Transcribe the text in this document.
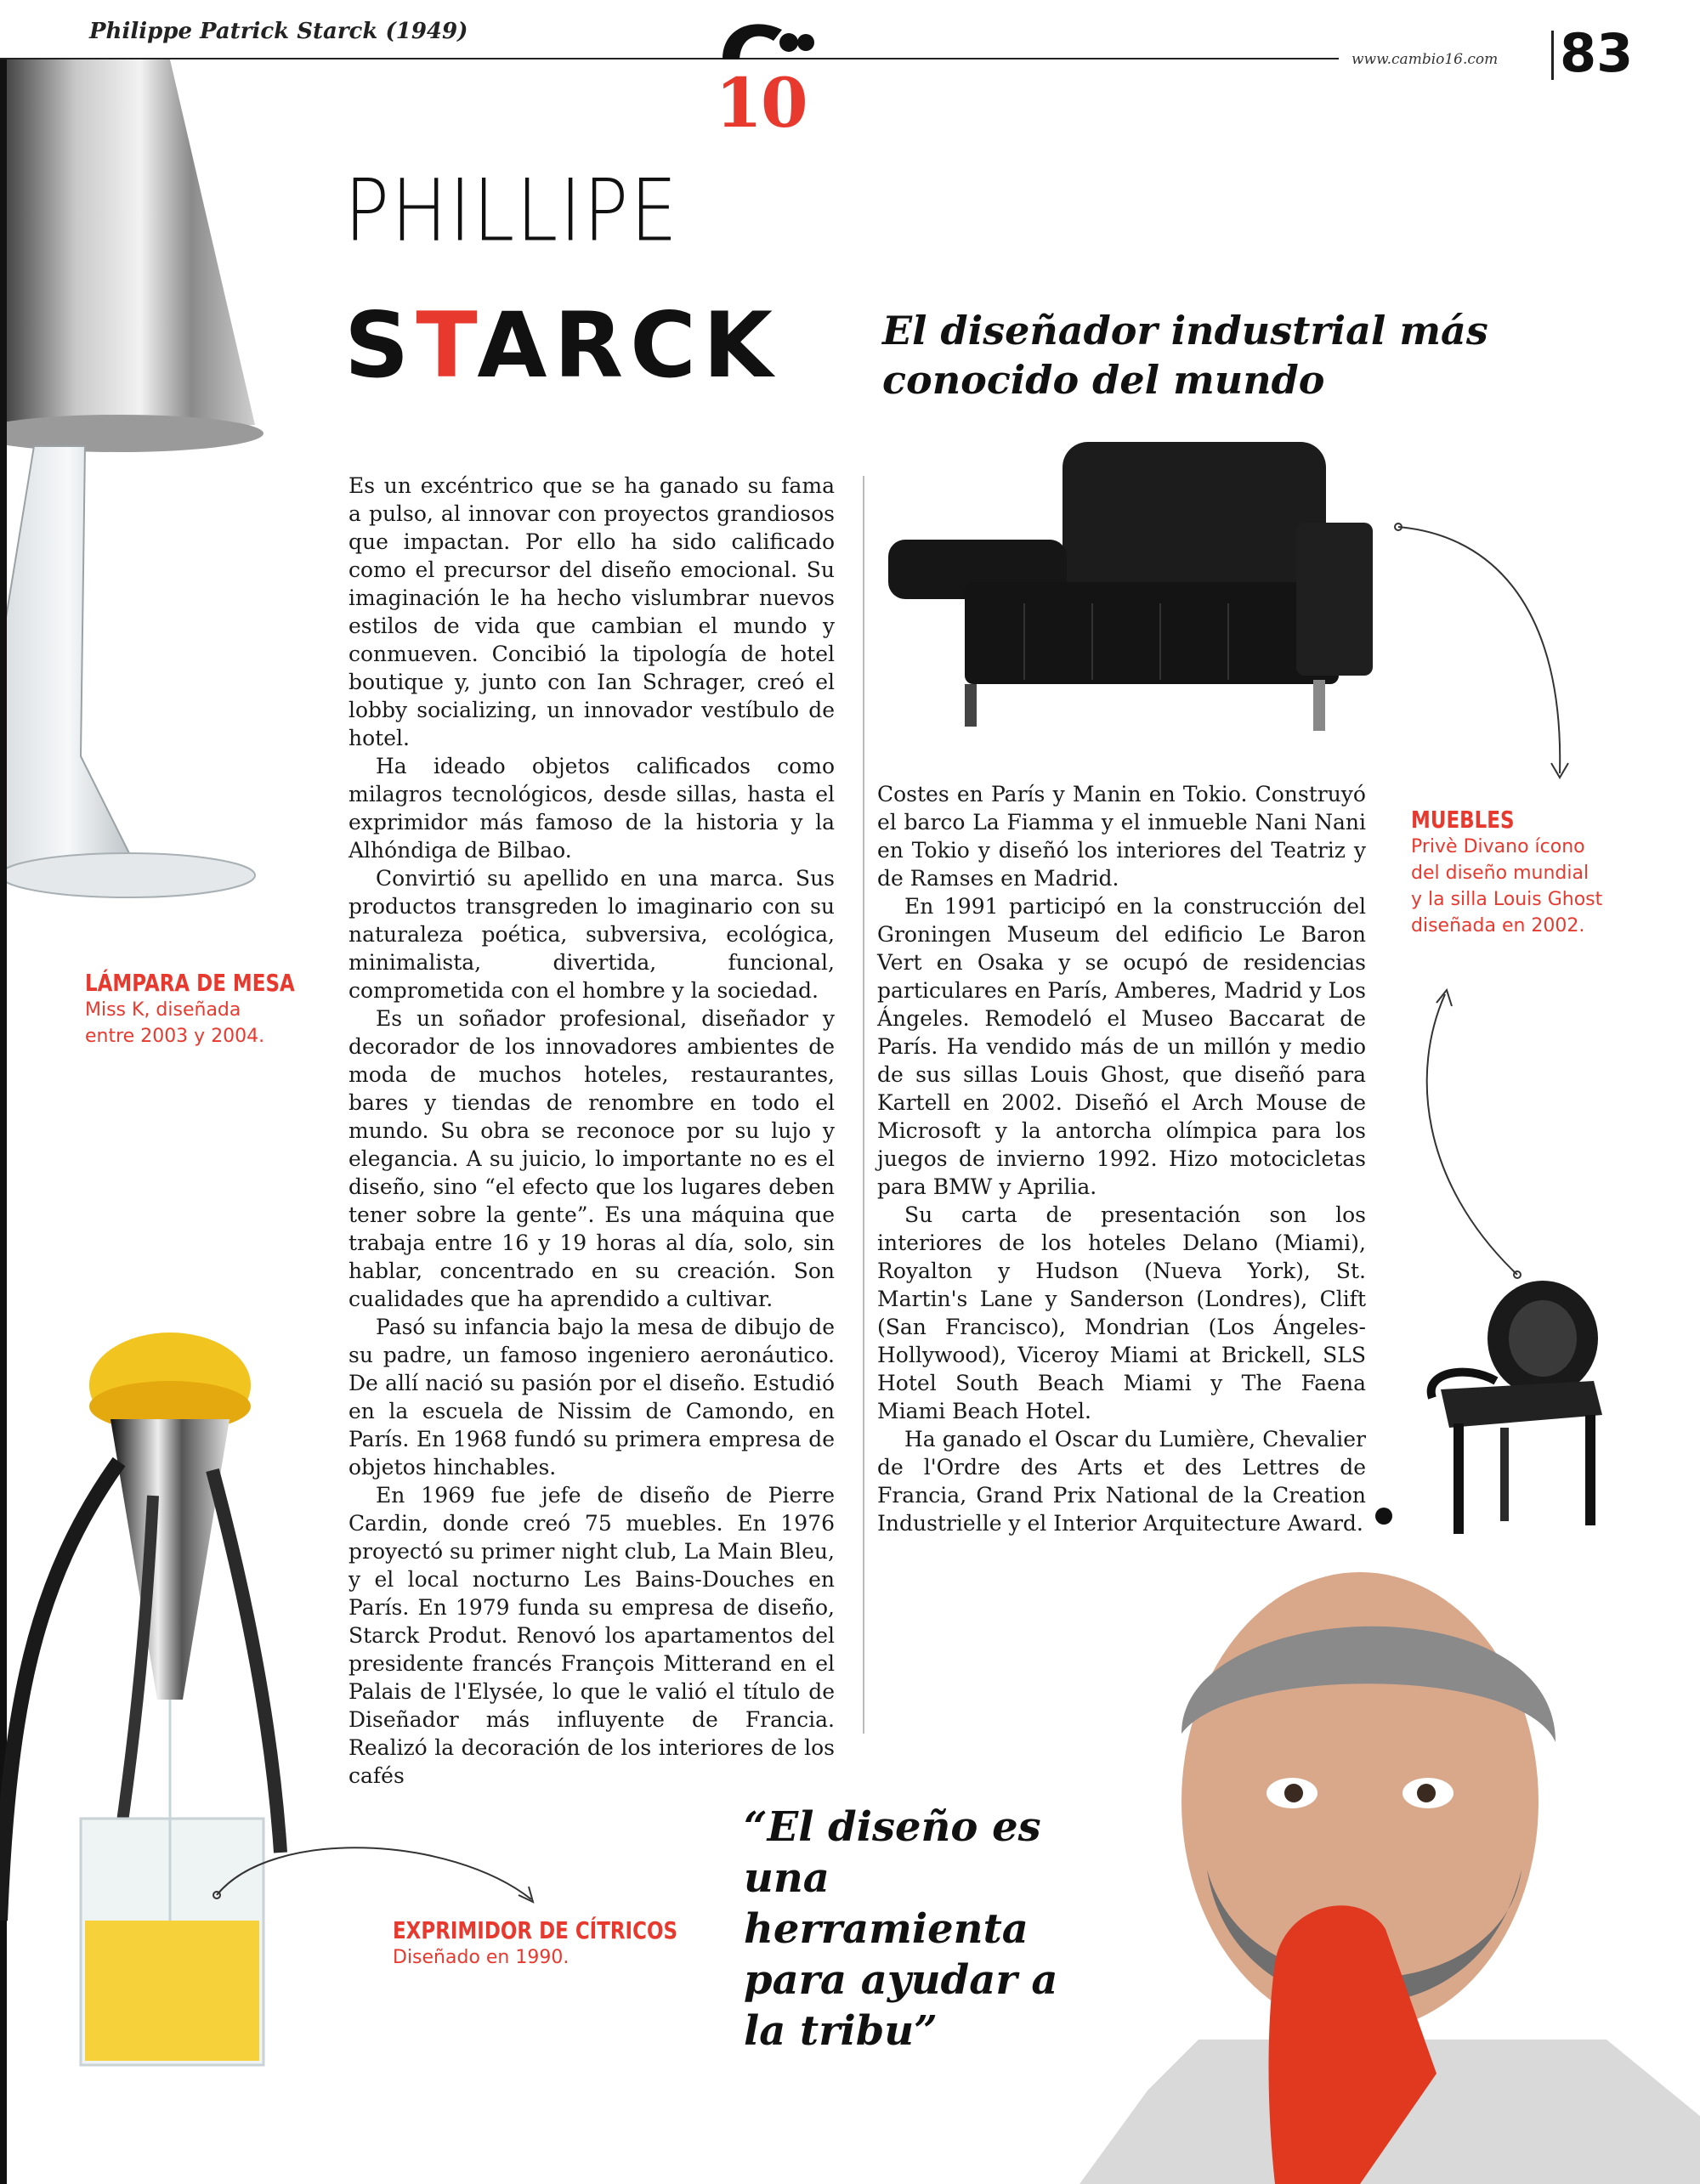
Philippe Patrick Starck (1949)
www.cambio16.com 83
10
LÁMPARA DE MESA
Miss K, diseñada
entre 2003 y 2004.
PHILLIPE
STARCK	El diseñador industrial más conocido del mundo

Es un excéntrico que se ha ganado su fama a pulso, al innovar con proyectos grandiosos que impactan. Por ello ha sido calificado como el precursor del diseño emocional. Su imaginación le ha hecho vislumbrar nuevos estilos de vida que cambian el mundo y conmueven. Concibió la tipología de hotel boutique y, junto con Ian Schrager, creó el lobby socializing, un innovador vestíbulo de hotel.

Ha ideado objetos calificados como milagros tecnológicos, desde sillas, hasta el exprimidor más famoso de la historia y la Alhóndiga de Bilbao.

Convirtió su apellido en una marca. Sus productos transgreden lo imaginario con su naturaleza poética, subversiva, ecológica, minimalista, divertida, funcional, comprometida con el hombre y la sociedad.

Es un soñador profesional, diseñador y decorador de los innovadores ambientes de moda de muchos hoteles, restaurantes, bares y tiendas de renombre en todo el mundo. Su obra se reconoce por su lujo y elegancia. A su juicio, lo importante no es el diseño, sino “el efecto que los lugares deben tener sobre la gente”. Es una máquina que trabaja entre 16 y 19 horas al día, solo, sin hablar, concentrado en su creación. Son cualidades que ha aprendido a cultivar.

Pasó su infancia bajo la mesa de dibujo de su padre, un famoso ingeniero aeronáutico. De allí nació su pasión por el diseño. Estudió en la escuela de Nissim de Camondo, en París. En 1968 fundó su primera empresa de objetos hinchables.

En 1969 fue jefe de diseño de Pierre Cardin, donde creó 75 muebles. En 1976 proyectó su primer night club, La Main Bleu, y el local nocturno Les Bains-Douches en París. En 1979 funda su empresa de diseño, Starck Produt. Renovó los apartamentos del presidente francés François Mitterand en el Palais de l'Elysée, lo que le valió el título de Diseñador más influyente de Francia. Realizó la decoración de los interiores de los cafés

Costes en París y Manin en Tokio. Construyó el barco La Fiamma y el inmueble Nani Nani en Tokio y diseñó los interiores del Teatriz y de Ramses en Madrid.

En 1991 participó en la construcción del Groningen Museum del edificio Le Baron Vert en Osaka y se ocupó de residencias particulares en París, Amberes, Madrid y Los Ángeles. Remodeló el Museo Baccarat de París. Ha vendido más de un millón y medio de sus sillas Louis Ghost, que diseñó para Kartell en 2002. Diseñó el Arch Mouse de Microsoft y la antorcha olímpica para los juegos de invierno 1992. Hizo motocicletas para BMW y Aprilia.

Su carta de presentación son los interiores de los hoteles Delano (Miami), Royalton y Hudson (Nueva York), St. Martin's Lane y Sanderson (Londres), Clift (San Francisco), Mondrian (Los Ángeles-Hollywood), Viceroy Miami at Brickell, SLS Hotel South Beach Miami y The Faena Miami Beach Hotel.

Ha ganado el Oscar du Lumière, Chevalier de l'Ordre des Arts et des Lettres de Francia, Grand Prix National de la Creation Industrielle y el Interior Arquitecture Award.

MUEBLES
Privè Divano ícono
del diseño mundial
y la silla Louis Ghost
diseñada en 2002.
EXPRIMIDOR DE CÍTRICOS
Diseñado en 1990.
“El diseño es una herramienta para ayudar a la tribu”
